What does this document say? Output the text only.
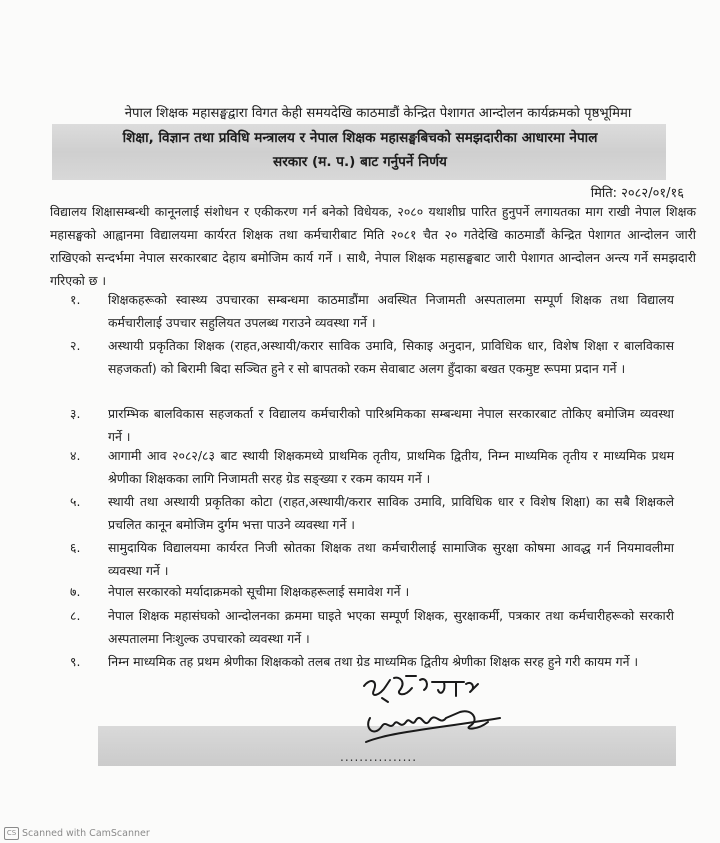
नेपाल शिक्षक महासङ्घद्वारा विगत केही समयदेखि काठमाडौं केन्द्रित पेशागत आन्दोलन कार्यक्रमको पृष्ठभूमिमा
शिक्षा, विज्ञान तथा प्रविधि मन्त्रालय र नेपाल शिक्षक महासङ्घबिचको समझदारीका आधारमा नेपाल
सरकार (म. प.) बाट गर्नुपर्ने निर्णय
मिति: २०८२/०१/१६
विद्यालय शिक्षासम्बन्धी कानूनलाई संशोधन र एकीकरण गर्न बनेको विधेयक, २०८० यथाशीघ्र पारित हुनुपर्ने लगायतका माग राखी नेपाल शिक्षक महासङ्घको आह्वानमा विद्यालयमा कार्यरत शिक्षक तथा कर्मचारीबाट मिति २०८१ चैत २० गतेदेखि काठमाडौं केन्द्रित पेशागत आन्दोलन जारी राखिएको सन्दर्भमा नेपाल सरकारबाट देहाय बमोजिम कार्य गर्ने । साथै, नेपाल शिक्षक महासङ्घबाट जारी पेशागत आन्दोलन अन्त्य गर्ने समझदारी गरिएको छ ।
१.	शिक्षकहरूको स्वास्थ्य उपचारका सम्बन्धमा काठमाडौंमा अवस्थित निजामती अस्पतालमा सम्पूर्ण शिक्षक तथा विद्यालय कर्मचारीलाई उपचार सहुलियत उपलब्ध गराउने व्यवस्था गर्ने ।
२.	अस्थायी प्रकृतिका शिक्षक (राहत,अस्थायी/करार साविक उमावि, सिकाइ अनुदान, प्राविधिक धार, विशेष शिक्षा र बालविकास सहजकर्ता) को बिरामी बिदा सञ्चित हुने र सो बापतको रकम सेवाबाट अलग हुँदाका बखत एकमुष्ट रूपमा प्रदान गर्ने ।
३.	प्रारम्भिक बालविकास सहजकर्ता र विद्यालय कर्मचारीको पारिश्रमिकका सम्बन्धमा नेपाल सरकारबाट तोकिए बमोजिम व्यवस्था गर्ने ।
४.	आगामी आव २०८२/८३ बाट स्थायी शिक्षकमध्ये प्राथमिक तृतीय, प्राथमिक द्वितीय, निम्न माध्यमिक तृतीय र माध्यमिक प्रथम श्रेणीका शिक्षकका लागि निजामती सरह ग्रेड सङ्ख्या र रकम कायम गर्ने ।
५.	स्थायी तथा अस्थायी प्रकृतिका कोटा (राहत,अस्थायी/करार साविक उमावि, प्राविधिक धार र विशेष शिक्षा) का सबै शिक्षकले प्रचलित कानून बमोजिम दुर्गम भत्ता पाउने व्यवस्था गर्ने ।
६.	सामुदायिक विद्यालयमा कार्यरत निजी स्रोतका शिक्षक तथा कर्मचारीलाई सामाजिक सुरक्षा कोषमा आवद्ध गर्न नियमावलीमा व्यवस्था गर्ने ।
७.	नेपाल सरकारको मर्यादाक्रमको सूचीमा शिक्षकहरूलाई समावेश गर्ने ।
८.	नेपाल शिक्षक महासंघको आन्दोलनका क्रममा घाइते भएका सम्पूर्ण शिक्षक, सुरक्षाकर्मी, पत्रकार तथा कर्मचारीहरूको सरकारी अस्पतालमा निःशुल्क उपचारको व्यवस्था गर्ने ।
९.	निम्न माध्यमिक तह प्रथम श्रेणीका शिक्षकको तलब तथा ग्रेड माध्यमिक द्वितीय श्रेणीका शिक्षक सरह हुने गरी कायम गर्ने ।
................
CS Scanned with CamScanner
